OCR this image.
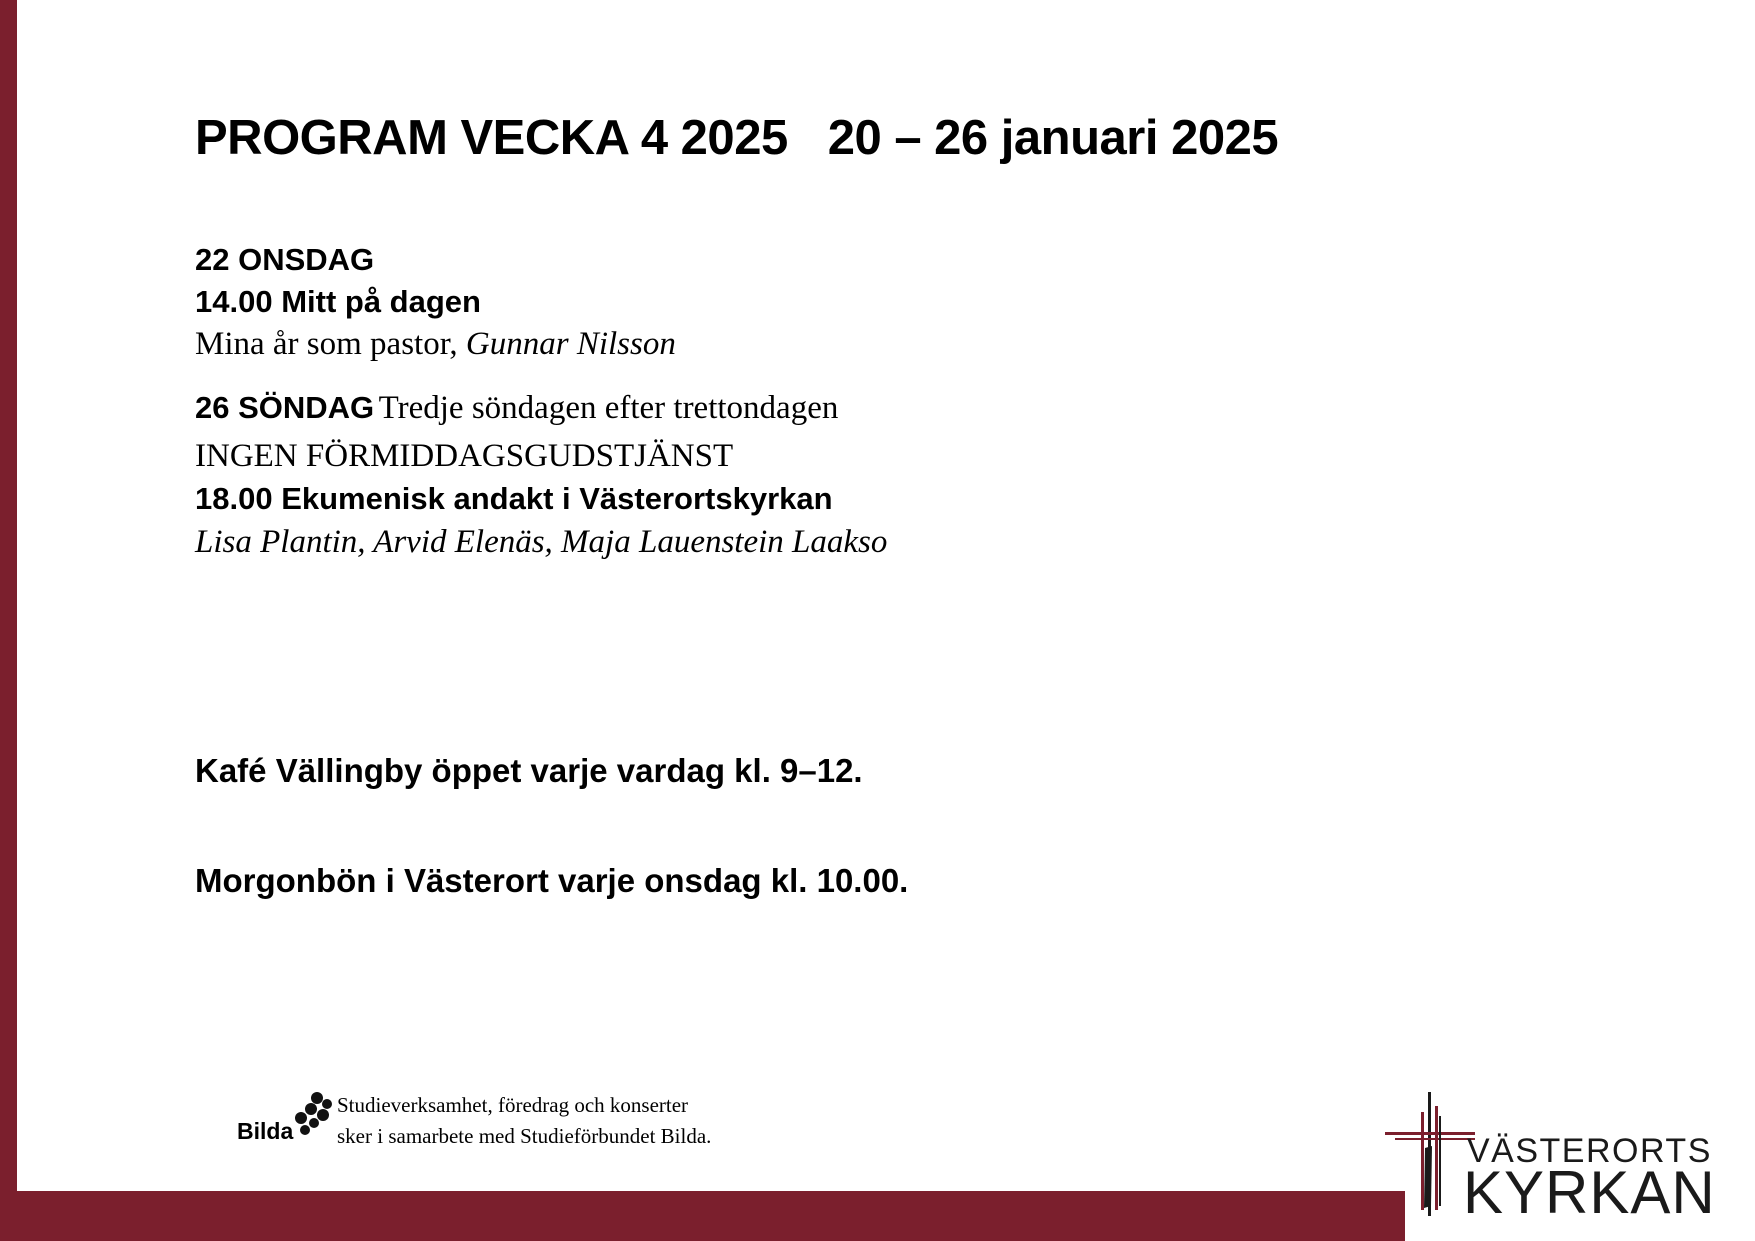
PROGRAM VECKA 4 2025 20 – 26 januari 2025
22 ONSDAG
14.00 Mitt på dagen
Mina år som pastor, Gunnar Nilsson
26 SÖNDAG Tredje söndagen efter trettondagen
INGEN FÖRMIDDAGSGUDSTJÄNST
18.00 Ekumenisk andakt i Västerortskyrkan
Lisa Plantin, Arvid Elenäs, Maja Lauenstein Laakso
Kafé Vällingby öppet varje vardag kl. 9–12.
Morgonbön i Västerort varje onsdag kl. 10.00.
Bilda
Studieverksamhet, föredrag och konserter
sker i samarbete med Studieförbundet Bilda.	VÄSTERORTS
KYRKAN
